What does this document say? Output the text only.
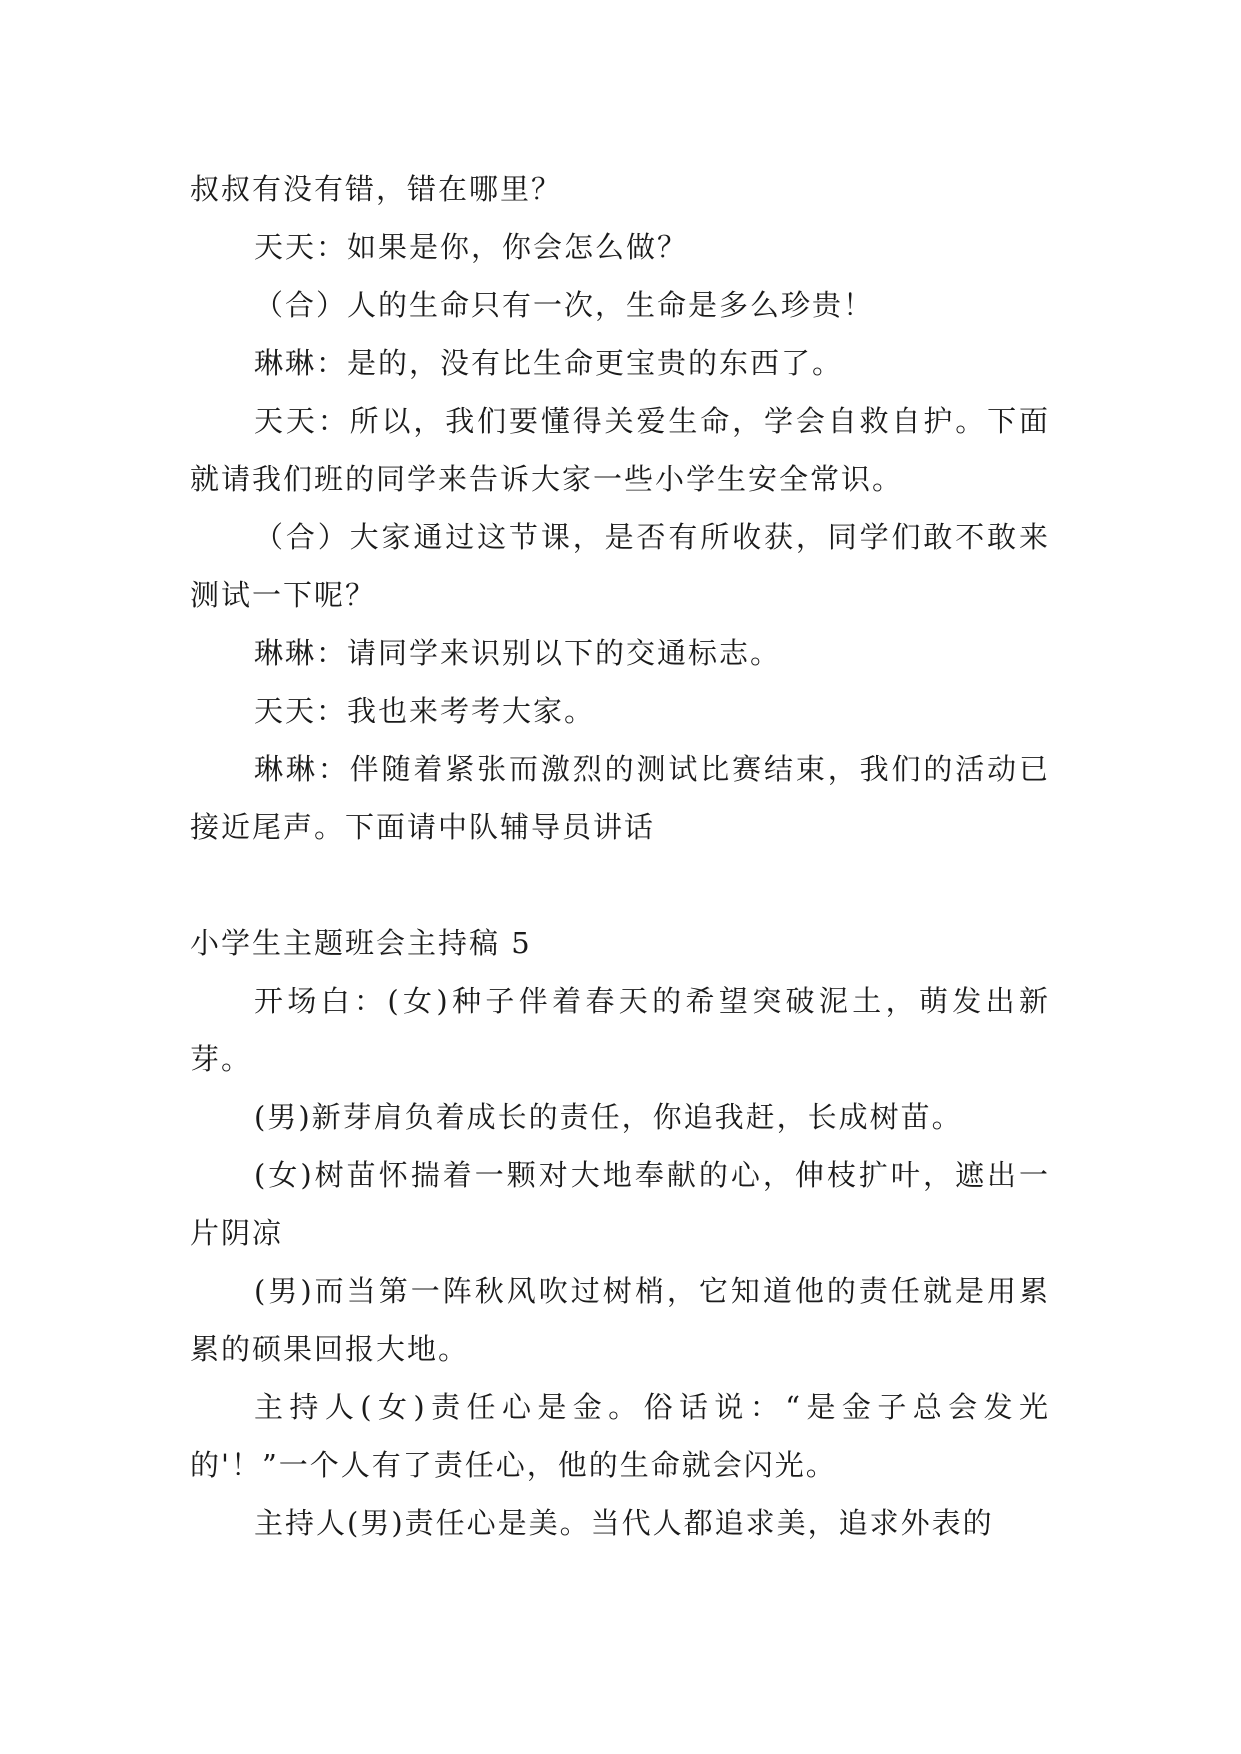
叔叔有没有错，错在哪里？

天天：如果是你，你会怎么做？

（合）人的生命只有一次，生命是多么珍贵！

琳琳：是的，没有比生命更宝贵的东西了。

天天：所以，我们要懂得关爱生命，学会自救自护。下面就请我们班的同学来告诉大家一些小学生安全常识。

（合）大家通过这节课，是否有所收获，同学们敢不敢来测试一下呢？

琳琳：请同学来识别以下的交通标志。

天天：我也来考考大家。

琳琳：伴随着紧张而激烈的测试比赛结束，我们的活动已接近尾声。下面请中队辅导员讲话

小学生主题班会主持稿 5

开场白：(女)种子伴着春天的希望突破泥土，萌发出新芽。

(男)新芽肩负着成长的责任，你追我赶，长成树苗。

(女)树苗怀揣着一颗对大地奉献的心，伸枝扩叶，遮出一片阴凉

(男)而当第一阵秋风吹过树梢，它知道他的责任就是用累累的硕果回报大地。

主持人(女)责任心是金。俗话说：“是金子总会发光的'！”一个人有了责任心，他的生命就会闪光。

主持人(男)责任心是美。当代人都追求美，追求外表的
